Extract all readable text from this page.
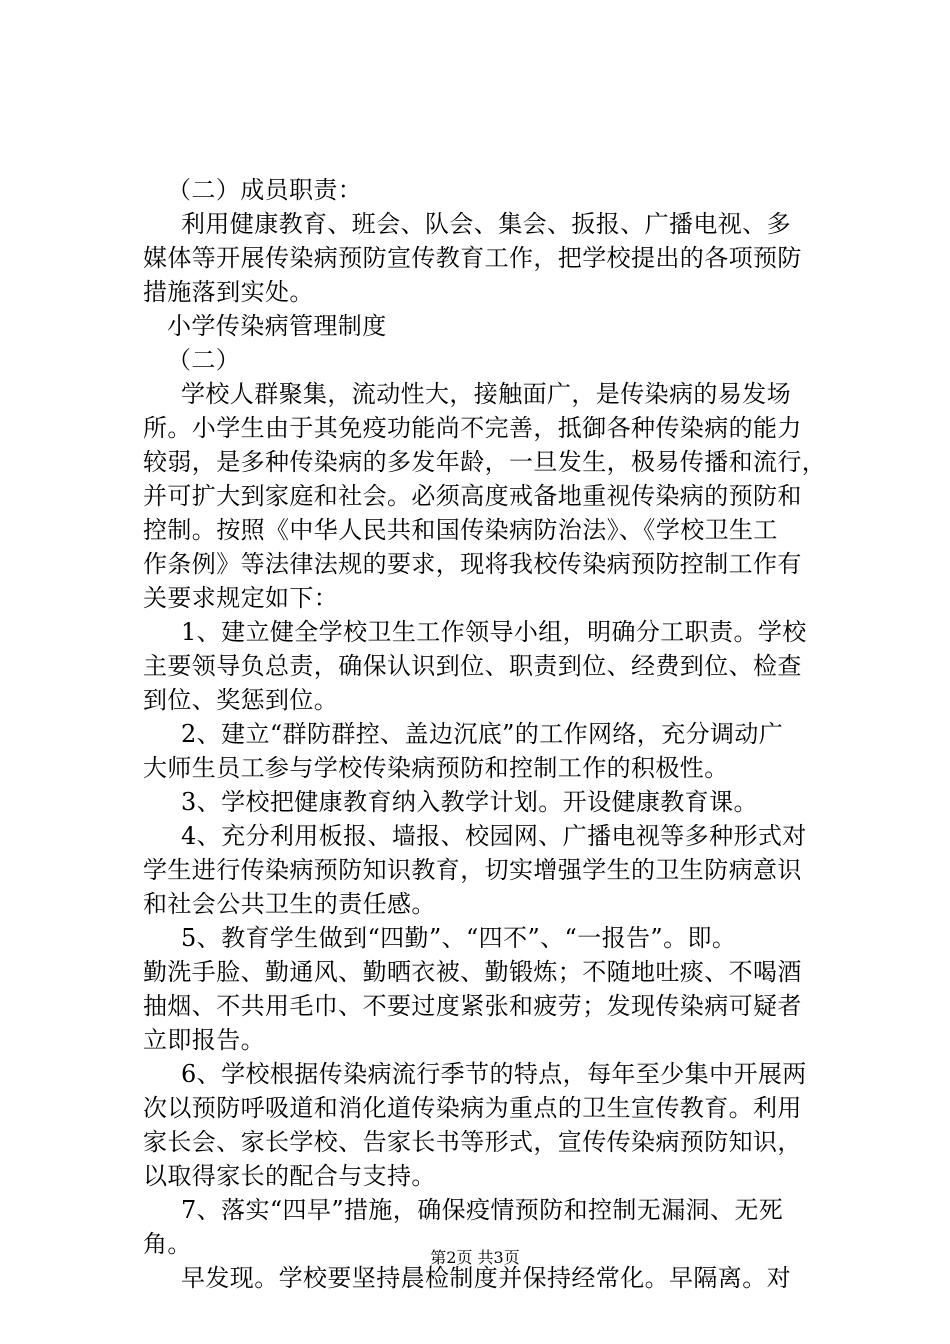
（二）成员职责：
利用健康教育、班会、队会、集会、扳报、广播电视、多
媒体等开展传染病预防宣传教育工作，把学校提出的各项预防
措施落到实处。
小学传染病管理制度
（二）
学校人群聚集，流动性大，接触面广，是传染病的易发场
所。小学生由于其免疫功能尚不完善，抵御各种传染病的能力
较弱，是多种传染病的多发年龄，一旦发生，极易传播和流行，
并可扩大到家庭和社会。必须高度戒备地重视传染病的预防和
控制。按照《中华人民共和国传染病防治法》、《学校卫生工
作条例》等法律法规的要求，现将我校传染病预防控制工作有
关要求规定如下：
1、建立健全学校卫生工作领导小组，明确分工职责。学校
主要领导负总责，确保认识到位、职责到位、经费到位、检查
到位、奖惩到位。
2、建立“群防群控、盖边沉底”的工作网络，充分调动广
大师生员工参与学校传染病预防和控制工作的积极性。
3、学校把健康教育纳入教学计划。开设健康教育课。
4、充分利用板报、墙报、校园网、广播电视等多种形式对
学生进行传染病预防知识教育，切实增强学生的卫生防病意识
和社会公共卫生的责任感。
5、教育学生做到“四勤”、“四不”、“一报告”。即。
勤洗手脸、勤通风、勤晒衣被、勤锻炼；不随地吐痰、不喝酒
抽烟、不共用毛巾、不要过度紧张和疲劳；发现传染病可疑者
立即报告。
6、学校根据传染病流行季节的特点，每年至少集中开展两
次以预防呼吸道和消化道传染病为重点的卫生宣传教育。利用
家长会、家长学校、告家长书等形式，宣传传染病预防知识，
以取得家长的配合与支持。
7、落实“四早”措施，确保疫情预防和控制无漏洞、无死
角。
早发现。学校要坚持晨检制度并保持经常化。早隔离。对
第2页 共3页
